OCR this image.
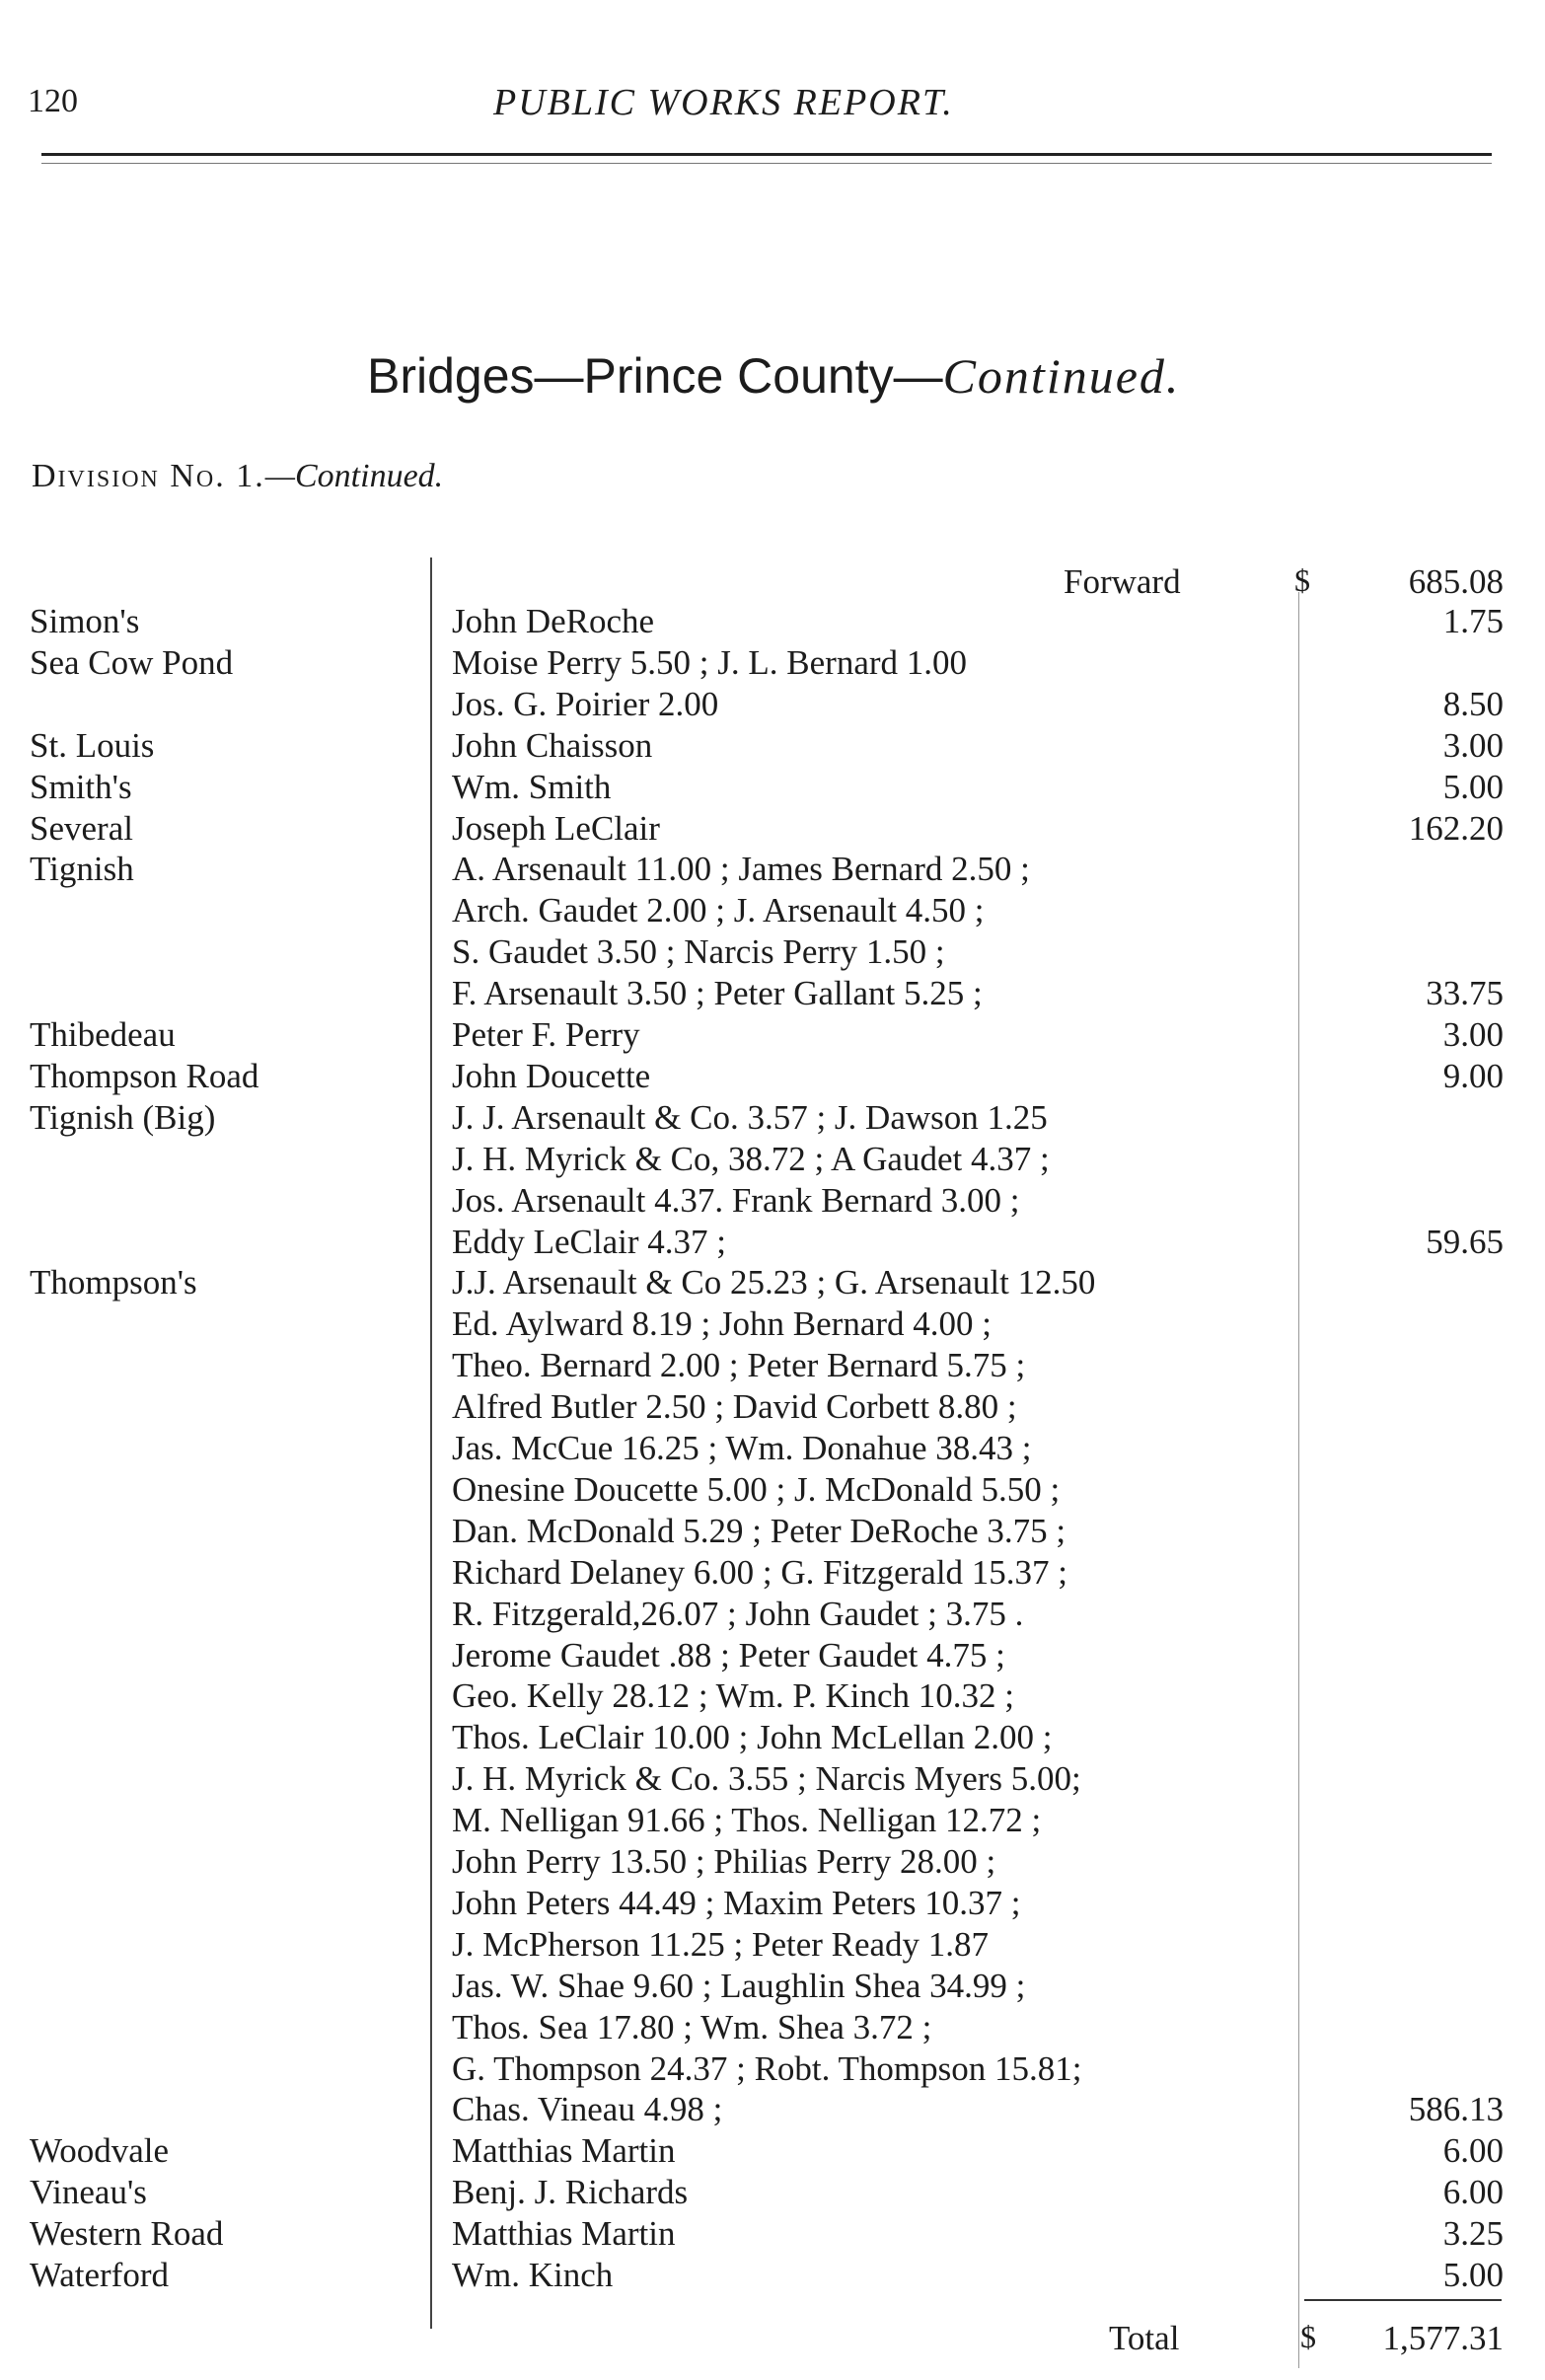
120	PUBLIC WORKS REPORT.
Bridges—Prince County—Continued.
Division No. 1.—Continued.
Forward	$	685.08
Simon's	John DeRoche	1.75
Sea Cow Pond	Moise Perry 5.50 ; J. L. Bernard 1.00
Jos. G. Poirier 2.00	8.50
St. Louis	John Chaisson	3.00
Smith's	Wm. Smith	5.00
Several	Joseph LeClair	162.20
Tignish	A. Arsenault 11.00 ; James Bernard 2.50 ;
Arch. Gaudet 2.00 ; J. Arsenault 4.50 ;
S. Gaudet 3.50 ; Narcis Perry 1.50 ;
F. Arsenault 3.50 ; Peter Gallant 5.25 ;	33.75
Thibedeau	Peter F. Perry	3.00
Thompson Road	John Doucette	9.00
Tignish (Big)	J. J. Arsenault & Co. 3.57 ; J. Dawson 1.25
J. H. Myrick & Co, 38.72 ; A Gaudet 4.37 ;
Jos. Arsenault 4.37. Frank Bernard 3.00 ;
Eddy LeClair 4.37 ;	59.65
Thompson's	J.J. Arsenault & Co 25.23 ; G. Arsenault 12.50
Ed. Aylward 8.19 ; John Bernard 4.00 ;
Theo. Bernard 2.00 ; Peter Bernard 5.75 ;
Alfred Butler 2.50 ; David Corbett 8.80 ;
Jas. McCue 16.25 ; Wm. Donahue 38.43 ;
Onesine Doucette 5.00 ; J. McDonald 5.50 ;
Dan. McDonald 5.29 ; Peter DeRoche 3.75 ;
Richard Delaney 6.00 ; G. Fitzgerald 15.37 ;
R. Fitzgerald,26.07 ; John Gaudet ; 3.75 .
Jerome Gaudet .88 ; Peter Gaudet 4.75 ;
Geo. Kelly 28.12 ; Wm. P. Kinch 10.32 ;
Thos. LeClair 10.00 ; John McLellan 2.00 ;
J. H. Myrick & Co. 3.55 ; Narcis Myers 5.00;
M. Nelligan 91.66 ; Thos. Nelligan 12.72 ;
John Perry 13.50 ; Philias Perry 28.00 ;
John Peters 44.49 ; Maxim Peters 10.37 ;
J. McPherson 11.25 ; Peter Ready 1.87
Jas. W. Shae 9.60 ; Laughlin Shea 34.99 ;
Thos. Sea 17.80 ; Wm. Shea 3.72 ;
G. Thompson 24.37 ; Robt. Thompson 15.81;
Chas. Vineau 4.98 ;	586.13
Woodvale	Matthias Martin	6.00
Vineau's	Benj. J. Richards	6.00
Western Road	Matthias Martin	3.25
Waterford	Wm. Kinch	5.00
Total	$ 1,577.31
